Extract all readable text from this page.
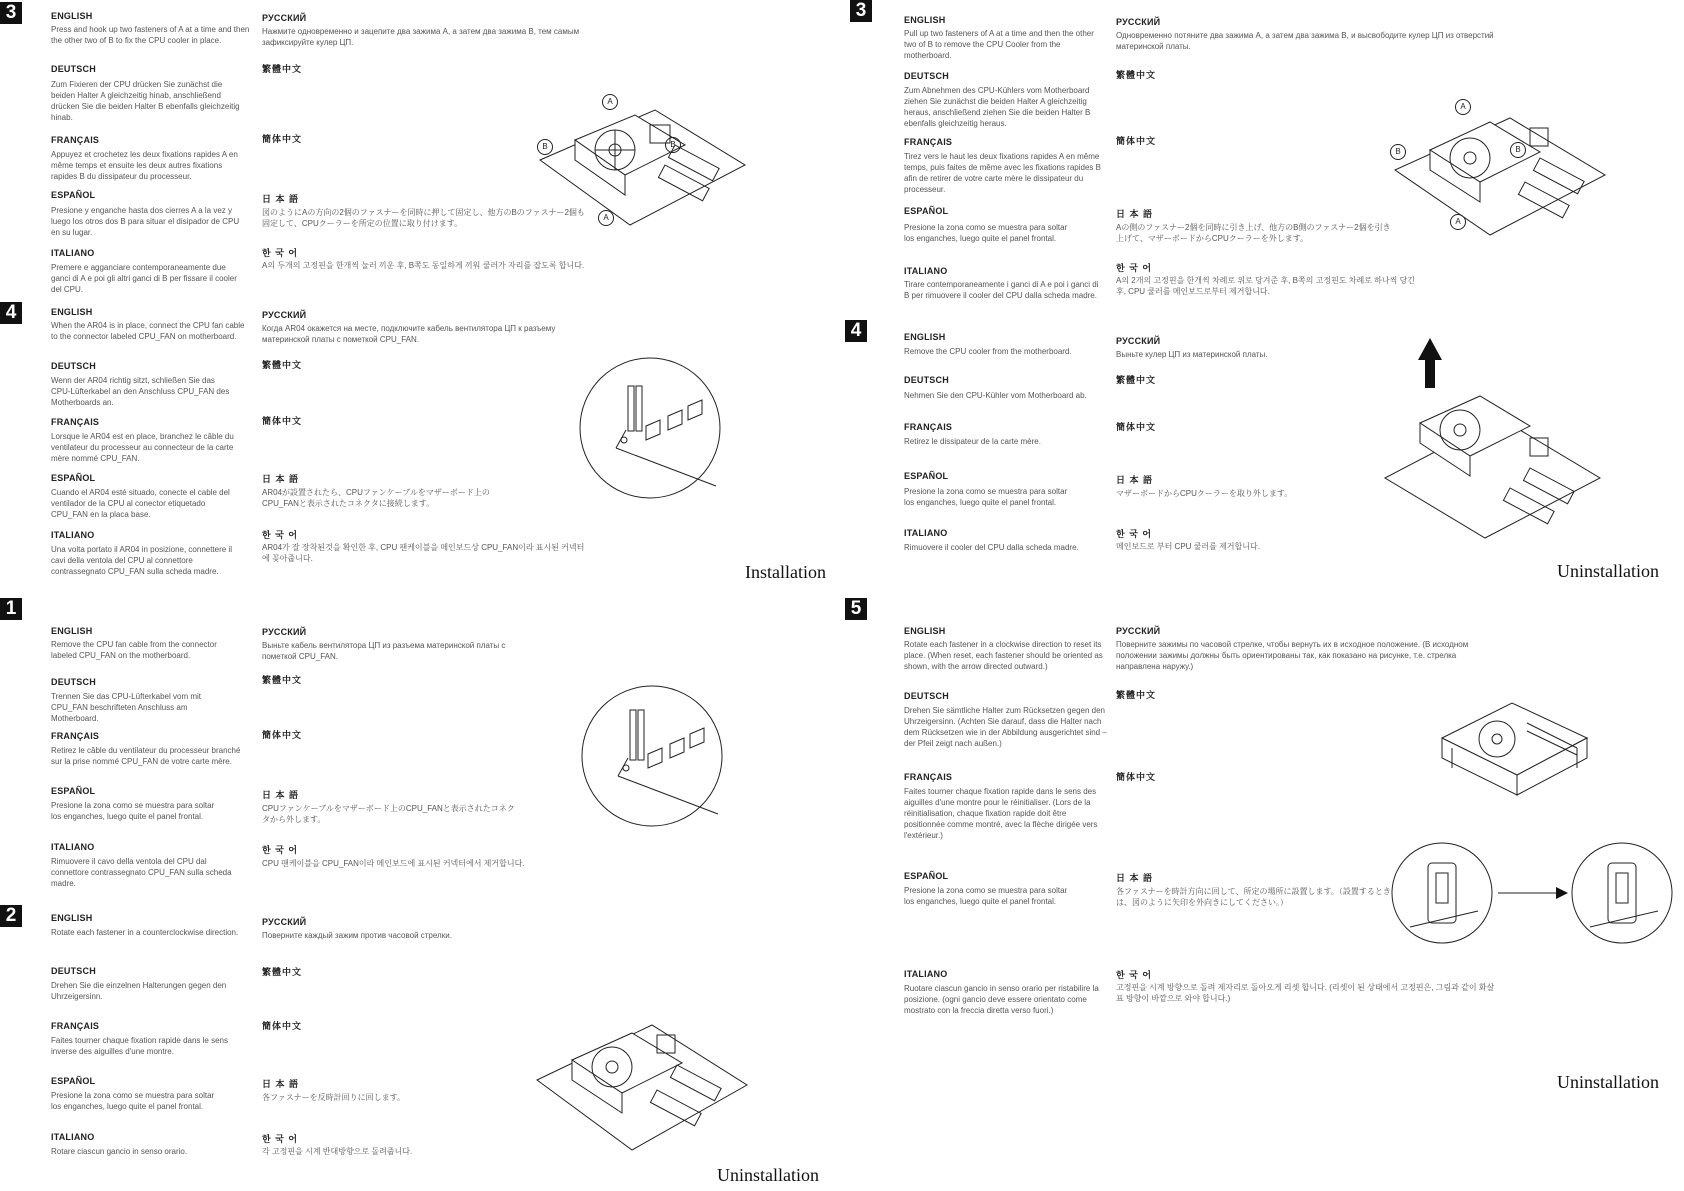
3	ENGLISH
Press and hook up two fasteners of A at a time and then the other two of B to fix the CPU cooler in place.
DEUTSCH
Zum Fixieren der CPU drücken Sie zunächst die beiden Halter A gleichzeitig hinab, anschließend drücken Sie die beiden Halter B ebenfalls gleichzeitig hinab.
FRANÇAIS
Appuyez et crochetez les deux fixations rapides A en même temps et ensuite les deux autres fixations rapides B du dissipateur du processeur.
ESPAÑOL
Presione y enganche hasta dos cierres A a la vez y luego los otros dos B para situar el disipador de CPU en su lugar.
ITALIANO
Premere e agganciare contemporaneamente due ganci di A e poi gli altri ganci di B per fissare il cooler del CPU.
РУССКИЙ
Нажмите одновременно и зацепите два зажима А, а затем два зажима В, тем самым зафиксируйте кулер ЦП.
繁體中文
簡体中文
日 本 語
図のようにAの方向の2個のファスナーを同時に押して固定し、他方のBのファスナー2個も固定して、CPUクーラーを所定の位置に取り付けます。
한 국 어
A의 두개의 고정핀을 한개씩 눌러 끼운 후, B쪽도 동일하게 끼워 쿨러가 자리를 잡도록 합니다.
A
B	B
A
4	ENGLISH
When the AR04 is in place, connect the CPU fan cable to the connector labeled CPU_FAN on motherboard.
DEUTSCH
Wenn der AR04 richtig sitzt, schließen Sie das CPU-Lüfterkabel an den Anschluss CPU_FAN des Motherboards an.
FRANÇAIS
Lorsque le AR04 est en place, branchez le câble du ventilateur du processeur au connecteur de la carte mère nommé CPU_FAN.
ESPAÑOL
Cuando el AR04 esté situado, conecte el cable del ventilador de la CPU al conector etiquetado CPU_FAN en la placa base.
ITALIANO
Una volta portato il AR04 in posizione, connettere il cavi della ventola del CPU al connettore contrassegnato CPU_FAN sulla scheda madre.
РУССКИЙ
Когда AR04 окажется на месте, подключите кабель вентилятора ЦП к разъему материнской платы с пометкой CPU_FAN.
繁體中文
簡体中文
日 本 語
AR04が設置されたら、CPUファンケーブルをマザーボード上のCPU_FANと表示されたコネクタに接続します。
한 국 어
AR04가 잘 장착된것을 확인한 후, CPU 팬케이블을 메인보드상 CPU_FAN이라 표시된 커넥터에 꽂아줍니다.
Installation
1
ENGLISH
Remove the CPU fan cable from the connector labeled CPU_FAN on the motherboard.
DEUTSCH
Trennen Sie das CPU-Lüfterkabel vom mit CPU_FAN beschrifteten Anschluss am Motherboard.
FRANÇAIS
Retirez le câble du ventilateur du processeur branché sur la prise nommé CPU_FAN de votre carte mère.
ESPAÑOL
Presione la zona como se muestra para soltar los enganches, luego quite el panel frontal.
ITALIANO
Rimuovere il cavo della ventola del CPU dal connettore contrassegnato CPU_FAN sulla scheda madre.
РУССКИЙ
Выньте кабель вентилятора ЦП из разъема материнской платы с пометкой CPU_FAN.
繁體中文
簡体中文
日 本 語
CPUファンケーブルをマザーボード上のCPU_FANと表示されたコネクタから外します。
한 국 어
CPU 팬케이블을 CPU_FAN이라 메인보드에 표시된 커넥터에서 제거합니다.
2	ENGLISH
Rotate each fastener in a counterclockwise direction.
DEUTSCH
Drehen Sie die einzelnen Halterungen gegen den Uhrzeigersinn.
FRANÇAIS
Faites tourner chaque fixation rapide dans le sens inverse des aiguilles d'une montre.
ESPAÑOL
Presione la zona como se muestra para soltar los enganches, luego quite el panel frontal.
ITALIANO
Rotare ciascun gancio in senso orario.
РУССКИЙ
Поверните каждый зажим против часовой стрелки.
繁體中文
簡体中文
日 本 語
各ファスナーを反時計回りに回します。
한 국 어
각 고정핀을 시계 반대방향으로 돌려줍니다.
Uninstallation
3	ENGLISH
Pull up two fasteners of A at a time and then the other two of B to remove the CPU Cooler from the motherboard.
DEUTSCH
Zum Abnehmen des CPU-Kühlers vom Motherboard ziehen Sie zunächst die beiden Halter A gleichzeitig heraus, anschließend ziehen Sie die beiden Halter B ebenfalls gleichzeitig heraus.
FRANÇAIS
Tirez vers le haut les deux fixations rapides A en même temps, puis faites de même avec les fixations rapides B afin de retirer de votre carte mère le dissipateur du processeur.
ESPAÑOL
Presione la zona como se muestra para soltar los enganches, luego quite el panel frontal.
ITALIANO
Tirare contemporaneamente i ganci di A e poi i ganci di B per rimuovere il cooler del CPU dalla scheda madre.
РУССКИЙ
Одновременно потяните два зажима А, а затем два зажима В, и высвободите кулер ЦП из отверстий материнской платы.
繁體中文
簡体中文
日 本 語
Aの側のファスナー2個を同時に引き上げ、他方のB側のファスナー2個を引き上げて、マザーボードからCPUクーラーを外します。
한 국 어
A의 2개의 고정핀을 한개씩 차례로 위로 당겨준 후, B쪽의 고정핀도 차례로 하나씩 당긴 후, CPU 쿨러를 메인보드로부터 제거합니다.
A
B	B
A
4	ENGLISH
Remove the CPU cooler from the motherboard.
DEUTSCH
Nehmen Sie den CPU-Kühler vom Motherboard ab.
FRANÇAIS
Retirez le dissipateur de la carte mère.
ESPAÑOL
Presione la zona como se muestra para soltar los enganches, luego quite el panel frontal.
ITALIANO
Rimuovere il cooler del CPU dalla scheda madre.
РУССКИЙ
Выньте кулер ЦП из материнской платы.
繁體中文
簡体中文
日 本 語
マザーボードからCPUクーラーを取り外します。
한 국 어
메인보드로 부터 CPU 쿨러를 제거합니다.
Uninstallation
5
ENGLISH
Rotate each fastener in a clockwise direction to reset its place. (When reset, each fastener should be oriented as shown, with the arrow directed outward.)
DEUTSCH
Drehen Sie sämtliche Halter zum Rücksetzen gegen den Uhrzeigersinn. (Achten Sie darauf, dass die Halter nach dem Rücksetzen wie in der Abbildung ausgerichtet sind – der Pfeil zeigt nach außen.)
FRANÇAIS
Faites tourner chaque fixation rapide dans le sens des aiguilles d'une montre pour le réinitialiser. (Lors de la réinitialisation, chaque fixation rapide doit être positionnée comme montré, avec la flèche dirigée vers l'extérieur.)
ESPAÑOL
Presione la zona como se muestra para soltar los enganches, luego quite el panel frontal.
ITALIANO
Ruotare ciascun gancio in senso orario per ristabilire la posizione. (ogni gancio deve essere orientato come mostrato con la freccia diretta verso fuori.)
РУССКИЙ
Поверните зажимы по часовой стрелке, чтобы вернуть их в исходное положение. (В исходном положении зажимы должны быть ориентированы так, как показано на рисунке, т.е. стрелка направлена наружу.)
繁體中文
簡体中文
日 本 語
各ファスナーを時計方向に回して、所定の場所に設置します。（設置するときは、図のように矢印を外向きにしてください。）
한 국 어
고정핀을 시계 방향으로 돌려 제자리로 돌아오게 리셋 합니다. (리셋이 된 상태에서 고정핀은, 그림과 같이 화살표 방향이 바깥으로 와야 합니다.)
Uninstallation
